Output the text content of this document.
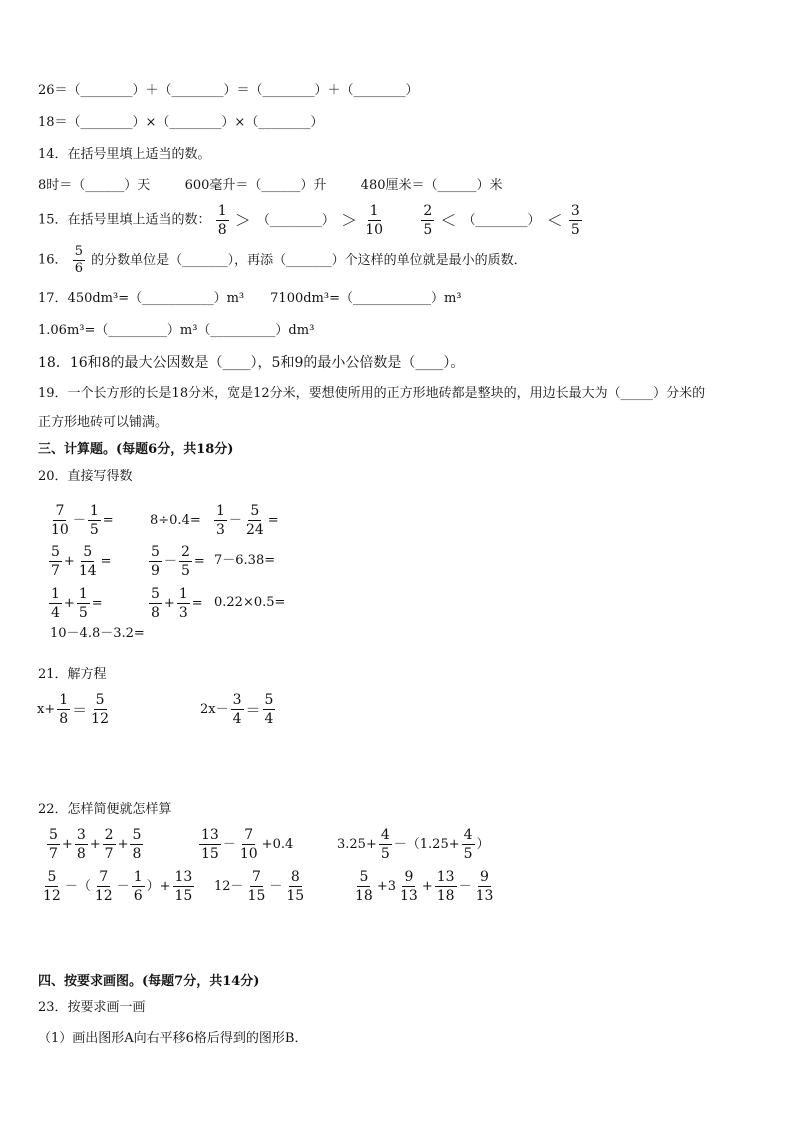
26＝（________）＋（________）＝（________）＋（________）
18＝（________）×（________）×（________）
14．在括号里填上适当的数。
8时＝（______）天	600毫升＝（______）升	480厘米＝（______）米
15．在括号里填上适当的数： $\frac{1}{8}$ ＞ （________） ＞ $\frac{1}{10}$
	$\frac{2}{5}$ ＜ （________） ＜ $\frac{3}{5}$
16． $\frac{5}{6}$ 的分数单位是（_______），再添（_______）个这样的单位就是最小的质数．
17．450dm³=（___________）m³　　7100dm³=（____________）m³
1.06m³=（_________）m³（__________）dm³
18．16和8的最大公因数是（____），5和9的最小公倍数是（____）。
19．一个长方形的长是18分米，宽是12分米，要想使所用的正方形地砖都是整块的，用边长最大为（_____）分米的
正方形地砖可以铺满。
三、计算题。(每题6分，共18分)
20．直接写得数
$\frac{7}{10} - \frac{1}{5}$ =	$8\div 0.4= \frac{1}{3} - \frac{5}{24}$ =
$\frac{5}{7} + \frac{5}{14}$ =	$\frac{5}{9} - \frac{2}{5} = 7-6.38=$
$\frac{1}{4} + \frac{1}{5}$ =	$\frac{5}{8} + \frac{1}{3} = 0.22\times 0.5=$
10－4.8－3.2=
21．解方程
$x+ \frac{1}{8} = \frac{5}{12}$	$2x- \frac{3}{4} = \frac{5}{4}$
22．怎样简便就怎样算
$\frac{5}{7} + \frac{3}{8} + \frac{2}{7} + \frac{5}{8}$	$\frac{13}{15} - \frac{7}{10} +0.4$	$3.25+ \frac{4}{5} -(1.25+ \frac{4}{5}$ ）
$\frac{5}{12}$ －（ $\frac{7}{12} - \frac{1}{6}$ ）+ $\frac{13}{15} 12- \frac{7}{15} - \frac{8}{15}$	$\frac{5}{18} +3 \frac{9}{13} + \frac{13}{18} - \frac{9}{13}$
四、按要求画图。(每题7分，共14分)
23．按要求画一画
（1）画出图形A向右平移6格后得到的图形B．
